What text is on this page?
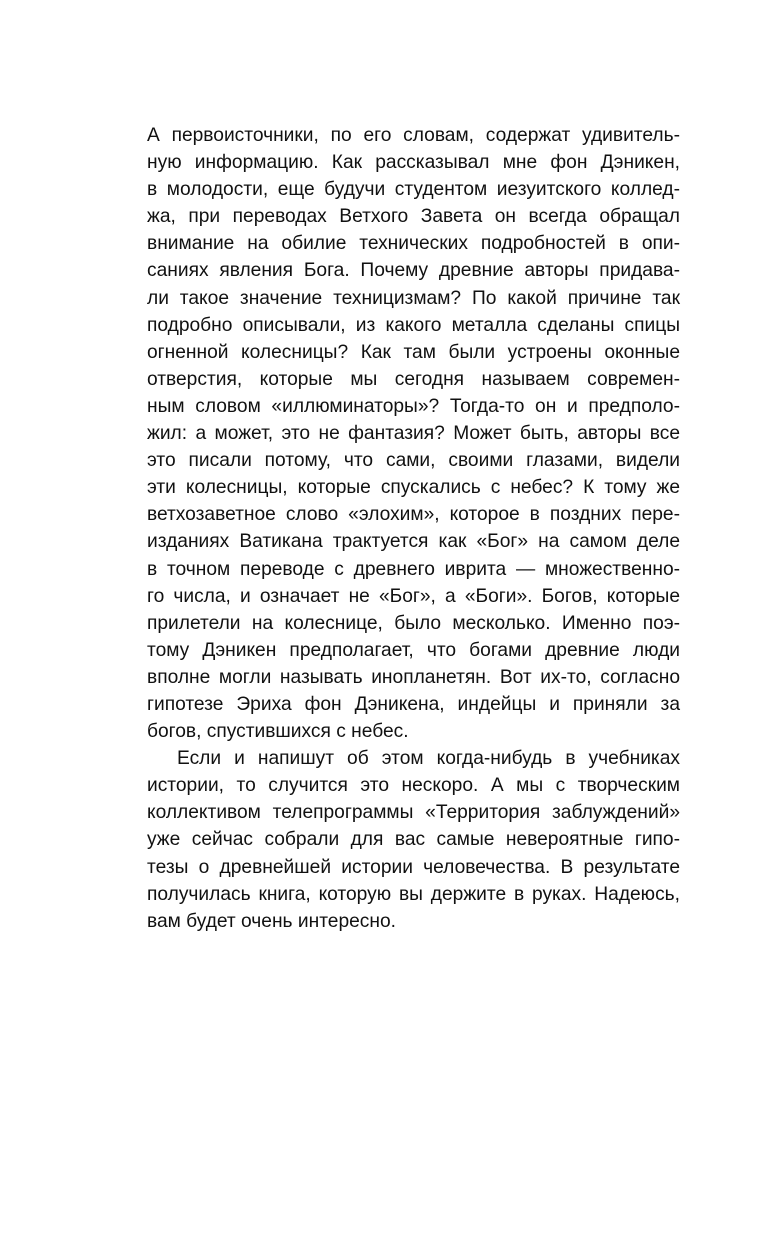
А первоисточники, по его словам, содержат удивитель-
ную информацию. Как рассказывал мне фон Дэникен,
в молодости, еще будучи студентом иезуитского коллед-
жа, при переводах Ветхого Завета он всегда обращал
внимание на обилие технических подробностей в опи-
саниях явления Бога. Почему древние авторы придава-
ли такое значение техницизмам? По какой причине так
подробно описывали, из какого металла сделаны спицы
огненной колесницы? Как там были устроены оконные
отверстия, которые мы сегодня называем современ-
ным словом «иллюминаторы»? Тогда-то он и предполо-
жил: а может, это не фантазия? Может быть, авторы все
это писали потому, что сами, своими глазами, видели
эти колесницы, которые спускались с небес? К тому же
ветхозаветное слово «элохим», которое в поздних пере-
изданиях Ватикана трактуется как «Бог» на самом деле
в точном переводе с древнего иврита — множественно-
го числа, и означает не «Бог», а «Боги». Богов, которые
прилетели на колеснице, было месколько. Именно поэ-
тому Дэникен предполагает, что богами древние люди
вполне могли называть инопланетян. Вот их-то, согласно
гипотезе Эриха фон Дэникена, индейцы и приняли за
богов, спустившихся с небес.
Если и напишут об этом когда-нибудь в учебниках
истории, то случится это нескоро. А мы с творческим
коллективом телепрограммы «Территория заблуждений»
уже сейчас собрали для вас самые невероятные гипо-
тезы о древнейшей истории человечества. В результате
получилась книга, которую вы держите в руках. Надеюсь,
вам будет очень интересно.
